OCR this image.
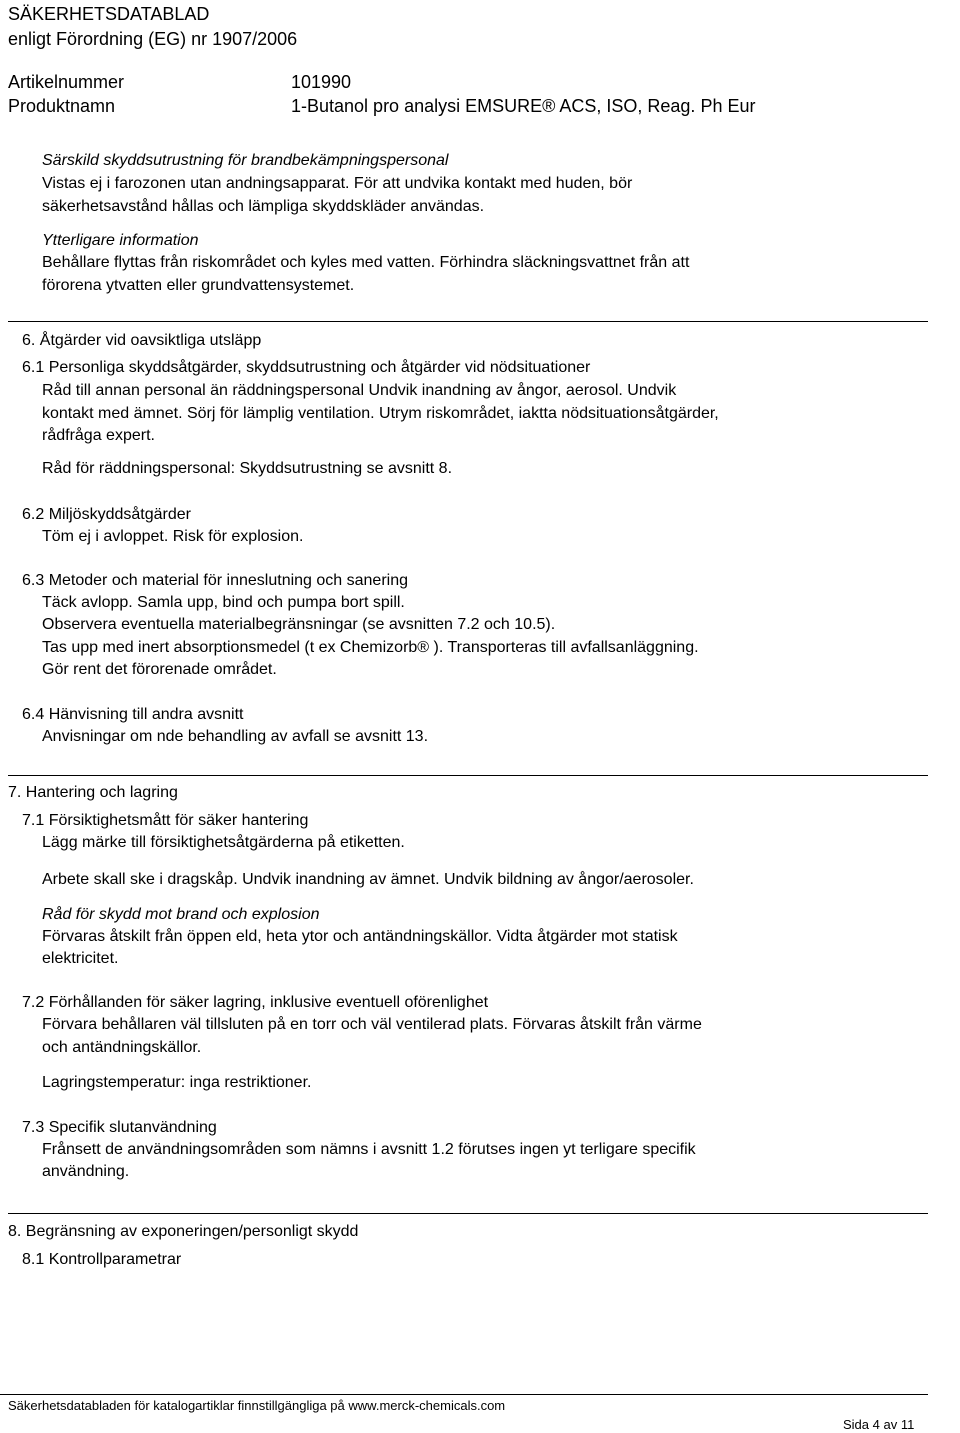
SÄKERHETSDATABLAD
enligt Förordning (EG) nr 1907/2006
Artikelnummer	101990
Produktnamn	1-Butanol pro analysi EMSURE® ACS, ISO, Reag. Ph Eur
Särskild skyddsutrustning för brandbekämpningspersonal
Vistas ej i farozonen utan andningsapparat. För att undvika kontakt med huden, bör
säkerhetsavstånd hållas och lämpliga skyddskläder användas.
Ytterligare information
Behållare flyttas från riskområdet och kyles med vatten. Förhindra släckningsvattnet från att
förorena ytvatten eller grundvattensystemet.
6. Åtgärder vid oavsiktliga utsläpp
6.1 Personliga skyddsåtgärder, skyddsutrustning och åtgärder vid nödsituationer
Råd till annan personal än räddningspersonal Undvik inandning av ångor, aerosol. Undvik
kontakt med ämnet. Sörj för lämplig ventilation. Utrym riskområdet, iaktta nödsituationsåtgärder,
rådfråga expert.
Råd för räddningspersonal: Skyddsutrustning se avsnitt 8.
6.2 Miljöskyddsåtgärder
Töm ej i avloppet. Risk för explosion.
6.3 Metoder och material för inneslutning och sanering
Täck avlopp. Samla upp, bind och pumpa bort spill.
Observera eventuella materialbegränsningar (se avsnitten 7.2 och 10.5).
Tas upp med inert absorptionsmedel (t ex Chemizorb® ). Transporteras till avfallsanläggning.
Gör rent det förorenade området.
6.4 Hänvisning till andra avsnitt
Anvisningar om nde behandling av avfall se avsnitt 13.
7. Hantering och lagring
7.1 Försiktighetsmått för säker hantering
Lägg märke till försiktighetsåtgärderna på etiketten.
Arbete skall ske i dragskåp. Undvik inandning av ämnet. Undvik bildning av ångor/aerosoler.
Råd för skydd mot brand och explosion
Förvaras åtskilt från öppen eld, heta ytor och antändningskällor. Vidta åtgärder mot statisk
elektricitet.
7.2 Förhållanden för säker lagring, inklusive eventuell oförenlighet
Förvara behållaren väl tillsluten på en torr och väl ventilerad plats. Förvaras åtskilt från värme
och antändningskällor.
Lagringstemperatur: inga restriktioner.
7.3 Specifik slutanvändning
Frånsett de användningsområden som nämns i avsnitt 1.2 förutses ingen yt terligare specifik
användning.
8. Begränsning av exponeringen/personligt skydd
8.1 Kontrollparametrar
Säkerhetsdatabladen för katalogartiklar finnstillgängliga på www.merck-chemicals.com
Sida 4 av 11
